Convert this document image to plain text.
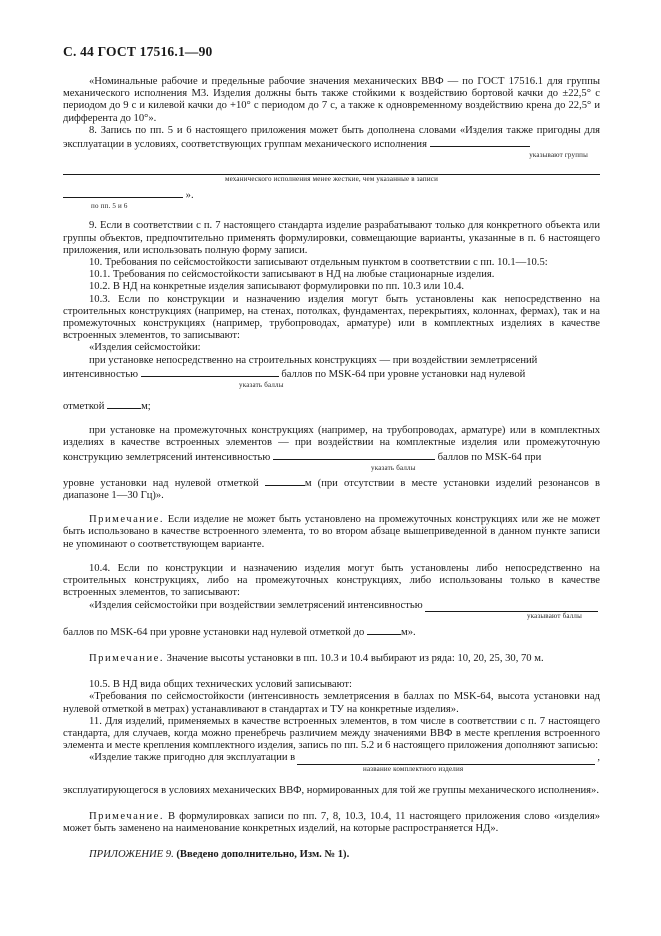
С. 44 ГОСТ 17516.1—90

«Номинальные рабочие и предельные рабочие значения механических ВВФ — по ГОСТ 17516.1 для группы механического исполнения М3. Изделия должны быть также стойкими к воздействию бортовой качки до ±22,5° с периодом до 9 с и килевой качки до +10° с периодом до 7 с, а также к одновременному воздействию крена до 22,5° и дифферента до 10°».

8. Запись по пп. 5 и 6 настоящего приложения может быть дополнена словами «Изделия также пригодны для эксплуатации в условиях, соответствующих группам механического исполнения

указывают группы
механического исполнения менее жесткие, чем указанные в записи
».
по пп. 5 и 6

9. Если в соответствии с п. 7 настоящего стандарта изделие разрабатывают только для конкретного объекта или группы объектов, предпочтительно применять формулировки, совмещающие варианты, указанные в п. 6 настоящего приложения, или использовать полную форму записи.

10. Требования по сейсмостойкости записывают отдельным пунктом в соответствии с пп. 10.1—10.5:

10.1. Требования по сейсмостойкости записывают в НД на любые стационарные изделия.

10.2. В НД на конкретные изделия записывают формулировки по пп. 10.3 или 10.4.

10.3. Если по конструкции и назначению изделия могут быть установлены как непосредственно на строительных конструкциях (например, на стенах, потолках, фундаментах, перекрытиях, колоннах, фермах), так и на промежуточных конструкциях (например, трубопроводах, арматуре) или в комплектных изделиях в качестве встроенных элементов, то записывают:

«Изделия сейсмостойки:

при установке непосредственно на строительных конструкциях — при воздействии землетрясений интенсивностью	баллов по MSK-64 при уровне установки над нулевой

указать баллы

отметкой	м;

при установке на промежуточных конструкциях (например, на трубопроводах, арматуре) или в комплектных изделиях в качестве встроенных элементов — при воздействии на комплектные изделия или промежуточную конструкцию землетрясений интенсивностью	баллов по MSK-64 при

указать баллы

уровне установки над нулевой отметкой	м (при отсутствии в месте установки изделий резонансов в диапазоне 1—30 Гц)».

Примечание. Если изделие не может быть установлено на промежуточных конструкциях или же не может быть использовано в качестве встроенного элемента, то во втором абзаце вышеприведенной в данном пункте записи не упоминают о соответствующем варианте.

10.4. Если по конструкции и назначению изделия могут быть установлены либо непосредственно на строительных конструкциях, либо на промежуточных конструкциях, либо использованы только в качестве встроенных элементов, то записывают:

«Изделия сейсмостойки при воздействии землетрясений интенсивностью
указывают баллы

баллов по MSK-64 при уровне установки над нулевой отметкой до	м».

Примечание. Значение высоты установки в пп. 10.3 и 10.4 выбирают из ряда: 10, 20, 25, 30, 70 м.

10.5. В НД вида общих технических условий записывают:

«Требования по сейсмостойкости (интенсивность землетрясения в баллах по MSK-64, высота установки над нулевой отметкой в метрах) устанавливают в стандартах и ТУ на конкретные изделия».

11. Для изделий, применяемых в качестве встроенных элементов, в том числе в соответствии с п. 7 настоящего стандарта, для случаев, когда можно пренебречь различием между значениями ВВФ в месте крепления встроенного элемента и месте крепления комплектного изделия, запись по пп. 5.2 и 6 настоящего приложения дополняют записью:

«Изделие также пригодно для эксплуатации в	,
название комплектного изделия

эксплуатирующегося в условиях механических ВВФ, нормированных для той же группы механического исполнения».

Примечание. В формулировках записи по пп. 7, 8, 10.3, 10.4, 11 настоящего приложения слово «изделия» может быть заменено на наименование конкретных изделий, на которые распространяется НД».

ПРИЛОЖЕНИЕ 9. (Введено дополнительно, Изм. № 1).
